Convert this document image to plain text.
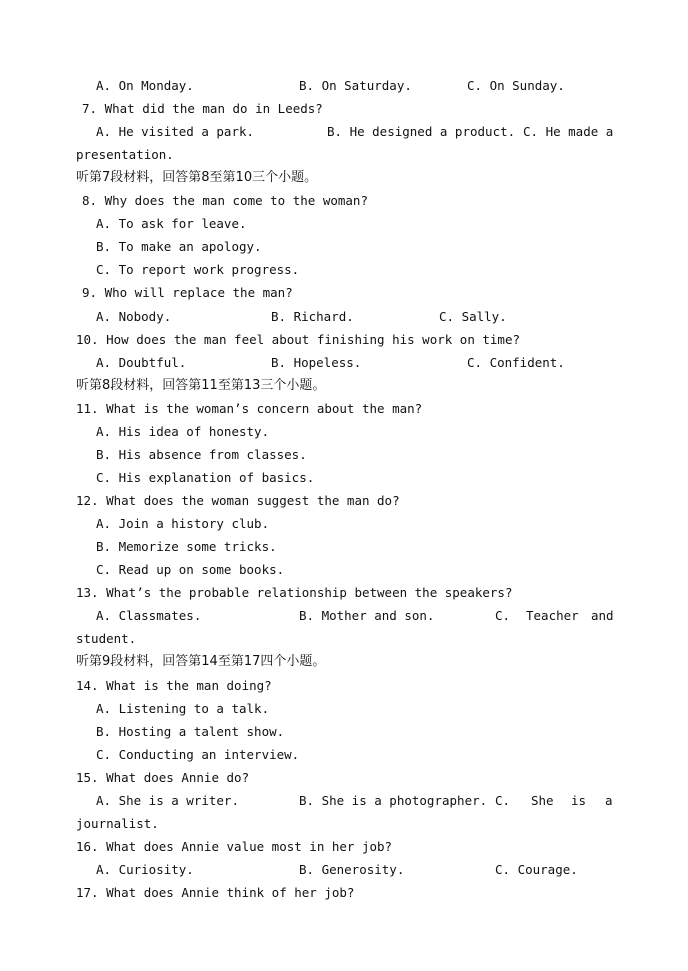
A. On Monday.	B. On Saturday.	C. On Sunday.
7. What did the man do in Leeds?
A. He visited a park.	B. He designed a product. C. He made a
presentation.
听第7段材料，回答第8至第10三个小题。
8. Why does the man come to the woman?
A. To ask for leave.
B. To make an apology.
C. To report work progress.
9. Who will replace the man?
A. Nobody.	B. Richard.	C. Sally.
10. How does the man feel about finishing his work on time?
A. Doubtful.	B. Hopeless.	C. Confident.
听第8段材料，回答第11至第13三个小题。
11. What is the woman’s concern about the man?
A. His idea of honesty.
B. His absence from classes.
C. His explanation of basics.
12. What does the woman suggest the man do?
A. Join a history club.
B. Memorize some tricks.
C. Read up on some books.
13. What’s the probable relationship between the speakers?
A. Classmates.	B. Mother and son.	C. Teacher and
student.
听第9段材料，回答第14至第17四个小题。
14. What is the man doing?
A. Listening to a talk.
B. Hosting a talent show.
C. Conducting an interview.
15. What does Annie do?
A. She is a writer.	B. She is a photographer. C. She is a
journalist.
16. What does Annie value most in her job?
A. Curiosity.	B. Generosity.	C. Courage.
17. What does Annie think of her job?
